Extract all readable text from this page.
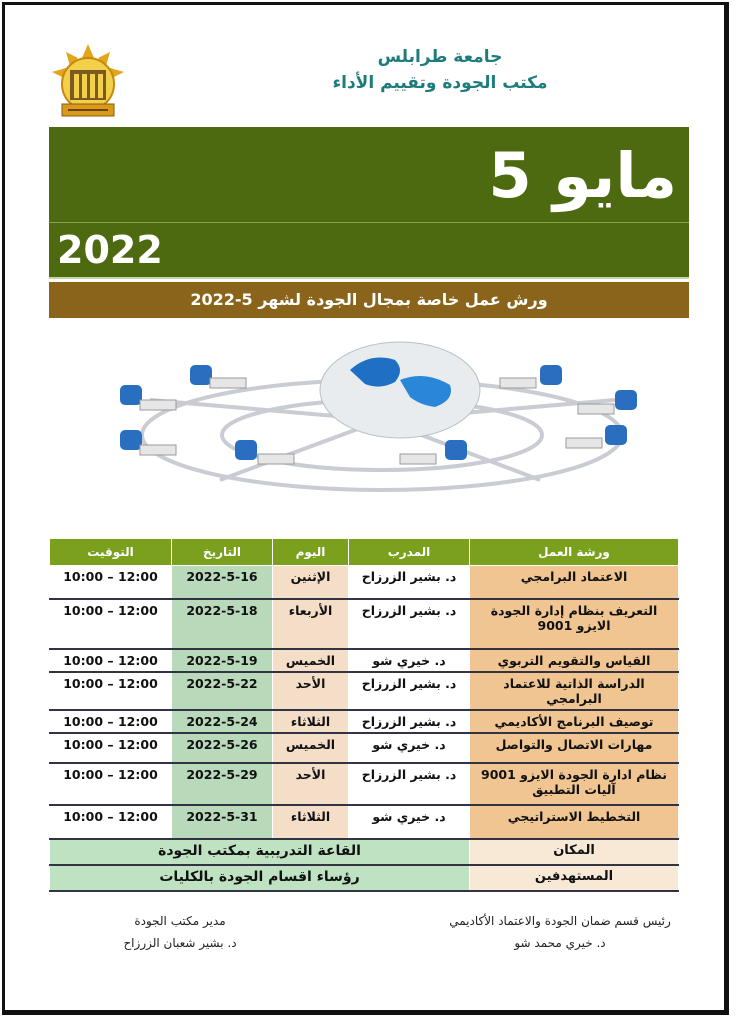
جامعة طرابلس
مكتب الجودة وتقييم الأداء
مايو 5
2022
ورش عمل خاصة بمجال الجودة لشهر 5-2022
ورشة العمل	المدرب	اليوم	التاريخ	التوقيت
الاعتماد البرامجي	د. بشير الزرزاح	الإثنين	2022-5-16	10:00 – 12:00
التعريف بنظام إدارة الجودة الايزو 9001	د. بشير الزرزاح	الأربعاء	2022-5-18	10:00 – 12:00
القياس والتقويم التربوي	د. خيري شو	الخميس	2022-5-19	10:00 – 12:00
الدراسة الذاتية للاعتماد البرامجي	د. بشير الزرزاح	الأحد	2022-5-22	10:00 – 12:00
توصيف البرنامج الأكاديمي	د. بشير الزرزاح	الثلاثاء	2022-5-24	10:00 – 12:00
مهارات الاتصال والتواصل	د. خيري شو	الخميس	2022-5-26	10:00 – 12:00
نظام ادارة الجودة الايزو 9001 آليات التطبيق	د. بشير الزرزاح	الأحد	2022-5-29	10:00 – 12:00
التخطيط الاستراتيجي	د. خيري شو	الثلاثاء	2022-5-31	10:00 – 12:00
المكان	القاعة التدريبية بمكتب الجودة			
المستهدفين	رؤساء اقسام الجودة بالكليات			
رئيس قسم ضمان الجودة والاعتماد الأكاديمي
د. خيري محمد شو
مدير مكتب الجودة
د. بشير شعبان الزرزاح
